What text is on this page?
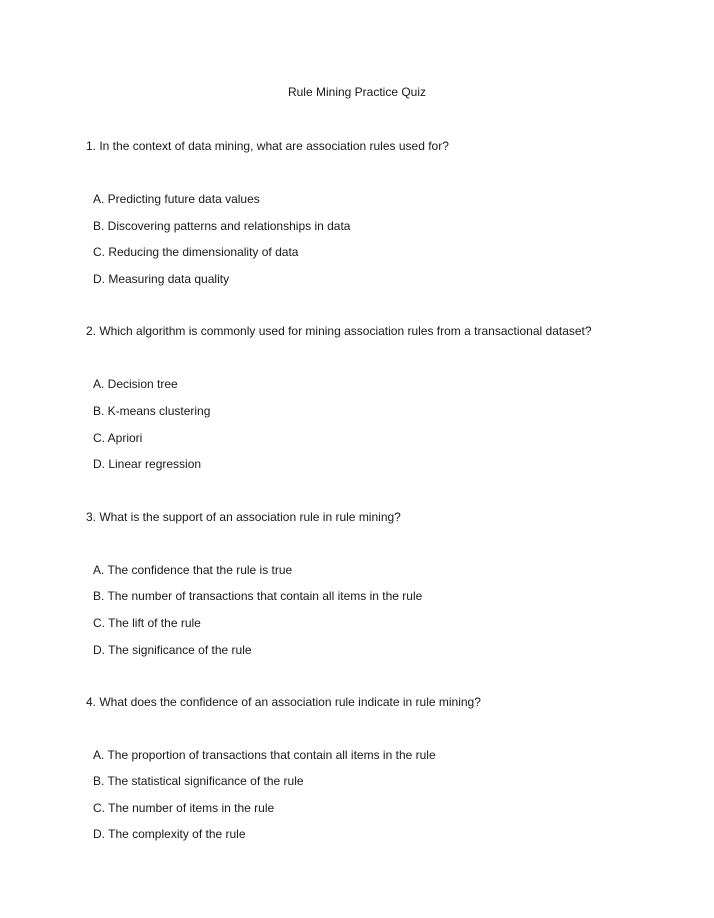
Rule Mining Practice Quiz
1. In the context of data mining, what are association rules used for?
A. Predicting future data values
B. Discovering patterns and relationships in data
C. Reducing the dimensionality of data
D. Measuring data quality
2. Which algorithm is commonly used for mining association rules from a transactional dataset?
A. Decision tree
B. K-means clustering
C. Apriori
D. Linear regression
3. What is the support of an association rule in rule mining?
A. The confidence that the rule is true
B. The number of transactions that contain all items in the rule
C. The lift of the rule
D. The significance of the rule
4. What does the confidence of an association rule indicate in rule mining?
A. The proportion of transactions that contain all items in the rule
B. The statistical significance of the rule
C. The number of items in the rule
D. The complexity of the rule
